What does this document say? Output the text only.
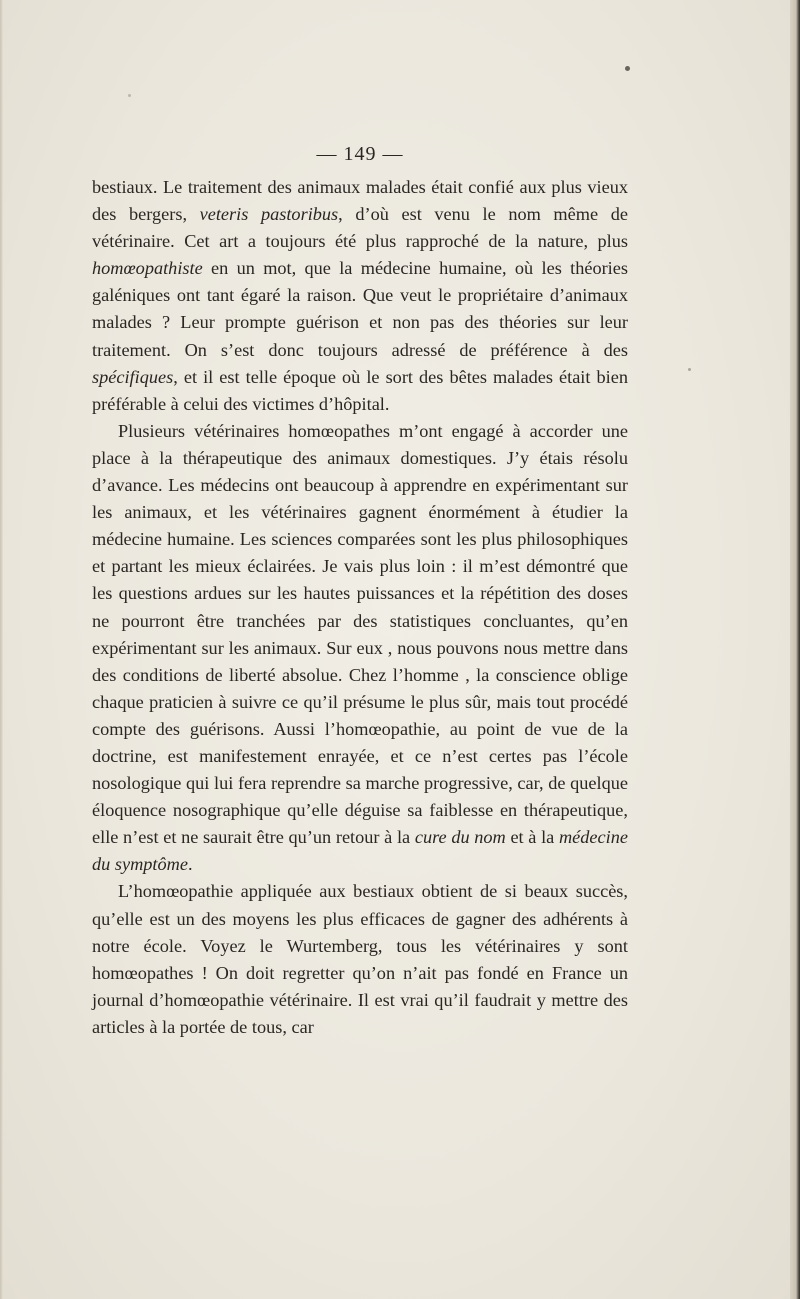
— 149 —

bestiaux. Le traitement des animaux malades était confié aux plus vieux des bergers, veteris pastoribus, d’où est venu le nom même de vétérinaire. Cet art a toujours été plus rapproché de la nature, plus homœopathiste en un mot, que la médecine humaine, où les théories galéniques ont tant égaré la raison. Que veut le propriétaire d’animaux malades ? Leur prompte guérison et non pas des théories sur leur traitement. On s’est donc toujours adressé de préférence à des spécifiques, et il est telle époque où le sort des bêtes malades était bien préférable à celui des victimes d’hôpital.

Plusieurs vétérinaires homœopathes m’ont engagé à accorder une place à la thérapeutique des animaux domestiques. J’y étais résolu d’avance. Les médecins ont beaucoup à apprendre en expérimentant sur les animaux, et les vétérinaires gagnent énormément à étudier la médecine humaine. Les sciences comparées sont les plus philosophiques et partant les mieux éclairées. Je vais plus loin : il m’est démontré que les questions ardues sur les hautes puissances et la répétition des doses ne pourront être tranchées par des statistiques concluantes, qu’en expérimentant sur les animaux. Sur eux , nous pouvons nous mettre dans des conditions de liberté absolue. Chez l’homme , la conscience oblige chaque praticien à suivre ce qu’il présume le plus sûr, mais tout procédé compte des guérisons. Aussi l’homœopathie, au point de vue de la doctrine, est manifestement enrayée, et ce n’est certes pas l’école nosologique qui lui fera reprendre sa marche progressive, car, de quelque éloquence nosographique qu’elle déguise sa faiblesse en thérapeutique, elle n’est et ne saurait être qu’un retour à la cure du nom et à la médecine du symptôme.

L’homœopathie appliquée aux bestiaux obtient de si beaux succès, qu’elle est un des moyens les plus efficaces de gagner des adhérents à notre école. Voyez le Wurtemberg, tous les vétérinaires y sont homœopathes ! On doit regretter qu’on n’ait pas fondé en France un journal d’homœopathie vétérinaire. Il est vrai qu’il faudrait y mettre des articles à la portée de tous, car
